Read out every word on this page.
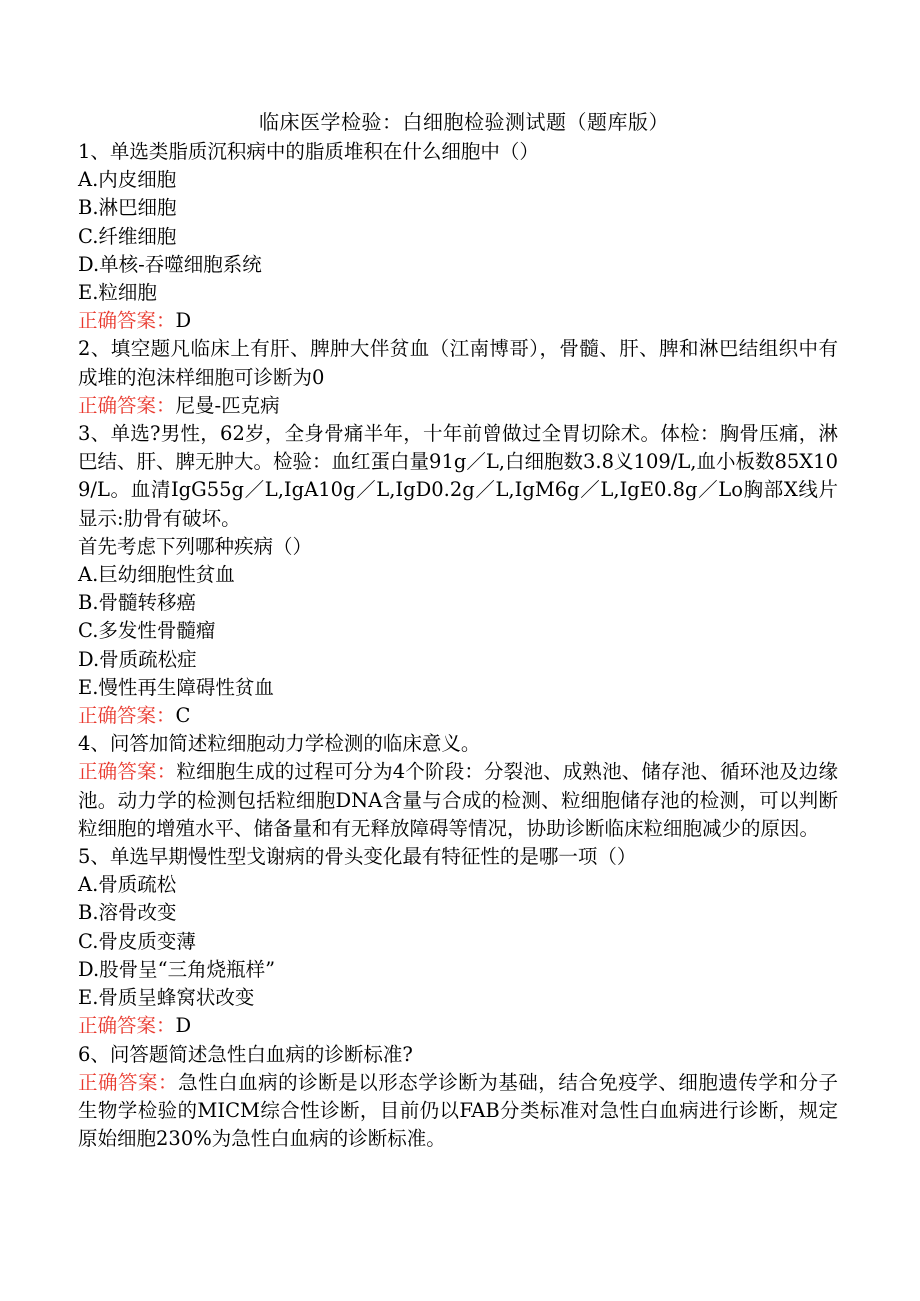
临床医学检验：白细胞检验测试题（题库版）
1、单选类脂质沉积病中的脂质堆积在什么细胞中（）
A.内皮细胞
B.淋巴细胞
C.纤维细胞
D.单核-吞噬细胞系统
E.粒细胞
正确答案：D
2、填空题凡临床上有肝、脾肿大伴贫血（江南博哥），骨髓、肝、脾和淋巴结组织中有成堆的泡沫样细胞可诊断为0
正确答案：尼曼-匹克病
3、单选?男性，62岁，全身骨痛半年，十年前曾做过全胃切除术。体检：胸骨压痛，淋巴结、肝、脾无肿大。检验：血红蛋白量91g／L,白细胞数3.8义109/L,血小板数85X109/L。血清IgG55g／L,IgA10g／L,IgD0.2g／L,IgM6g／L,IgE0.8g／Lo胸部X线片显示:肋骨有破坏。
首先考虑下列哪种疾病（）
A.巨幼细胞性贫血
B.骨髓转移癌
C.多发性骨髓瘤
D.骨质疏松症
E.慢性再生障碍性贫血
正确答案：C
4、问答加简述粒细胞动力学检测的临床意义。
正确答案：粒细胞生成的过程可分为4个阶段：分裂池、成熟池、储存池、循环池及边缘池。动力学的检测包括粒细胞DNA含量与合成的检测、粒细胞储存池的检测，可以判断粒细胞的增殖水平、储备量和有无释放障碍等情况，协助诊断临床粒细胞减少的原因。
5、单选早期慢性型戈谢病的骨头变化最有特征性的是哪一项（）
A.骨质疏松
B.溶骨改变
C.骨皮质变薄
D.股骨呈“三角烧瓶样”
E.骨质呈蜂窝状改变
正确答案：D
6、问答题简述急性白血病的诊断标准?
正确答案：急性白血病的诊断是以形态学诊断为基础，结合免疫学、细胞遗传学和分子生物学检验的MICM综合性诊断，目前仍以FAB分类标准对急性白血病进行诊断，规定原始细胞230%为急性白血病的诊断标准。
